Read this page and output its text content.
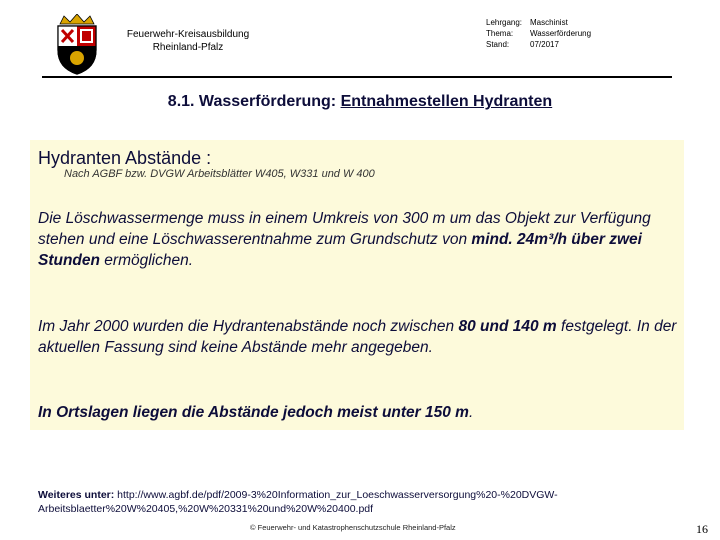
Feuerwehr-Kreisausbildung
Rheinland-Pfalz
Lehrgang: Maschinist
Thema:	Wasserförderung
Stand:	07/2017
8.1. Wasserförderung: Entnahmestellen Hydranten
Hydranten Abstände :
Nach AGBF bzw. DVGW Arbeitsblätter W405, W331 und W 400
Die Löschwassermenge muss in einem Umkreis von 300 m um das Objekt zur Verfügung stehen und eine Löschwasserentnahme zum Grundschutz von mind. 24m³/h über zwei Stunden ermöglichen.
Im Jahr 2000 wurden die Hydrantenabstände noch zwischen 80 und 140 m festgelegt. In der aktuellen Fassung sind keine Abstände mehr angegeben.
In Ortslagen liegen die Abstände jedoch meist unter 150 m.
Weiteres unter: http://www.agbf.de/pdf/2009-3%20Information_zur_Loeschwasserversorgung%20-%20DVGW-Arbeitsblaetter%20W%20405,%20W%20331%20und%20W%20400.pdf
© Feuerwehr- und Katastrophenschutzschule Rheinland-Pfalz	16
